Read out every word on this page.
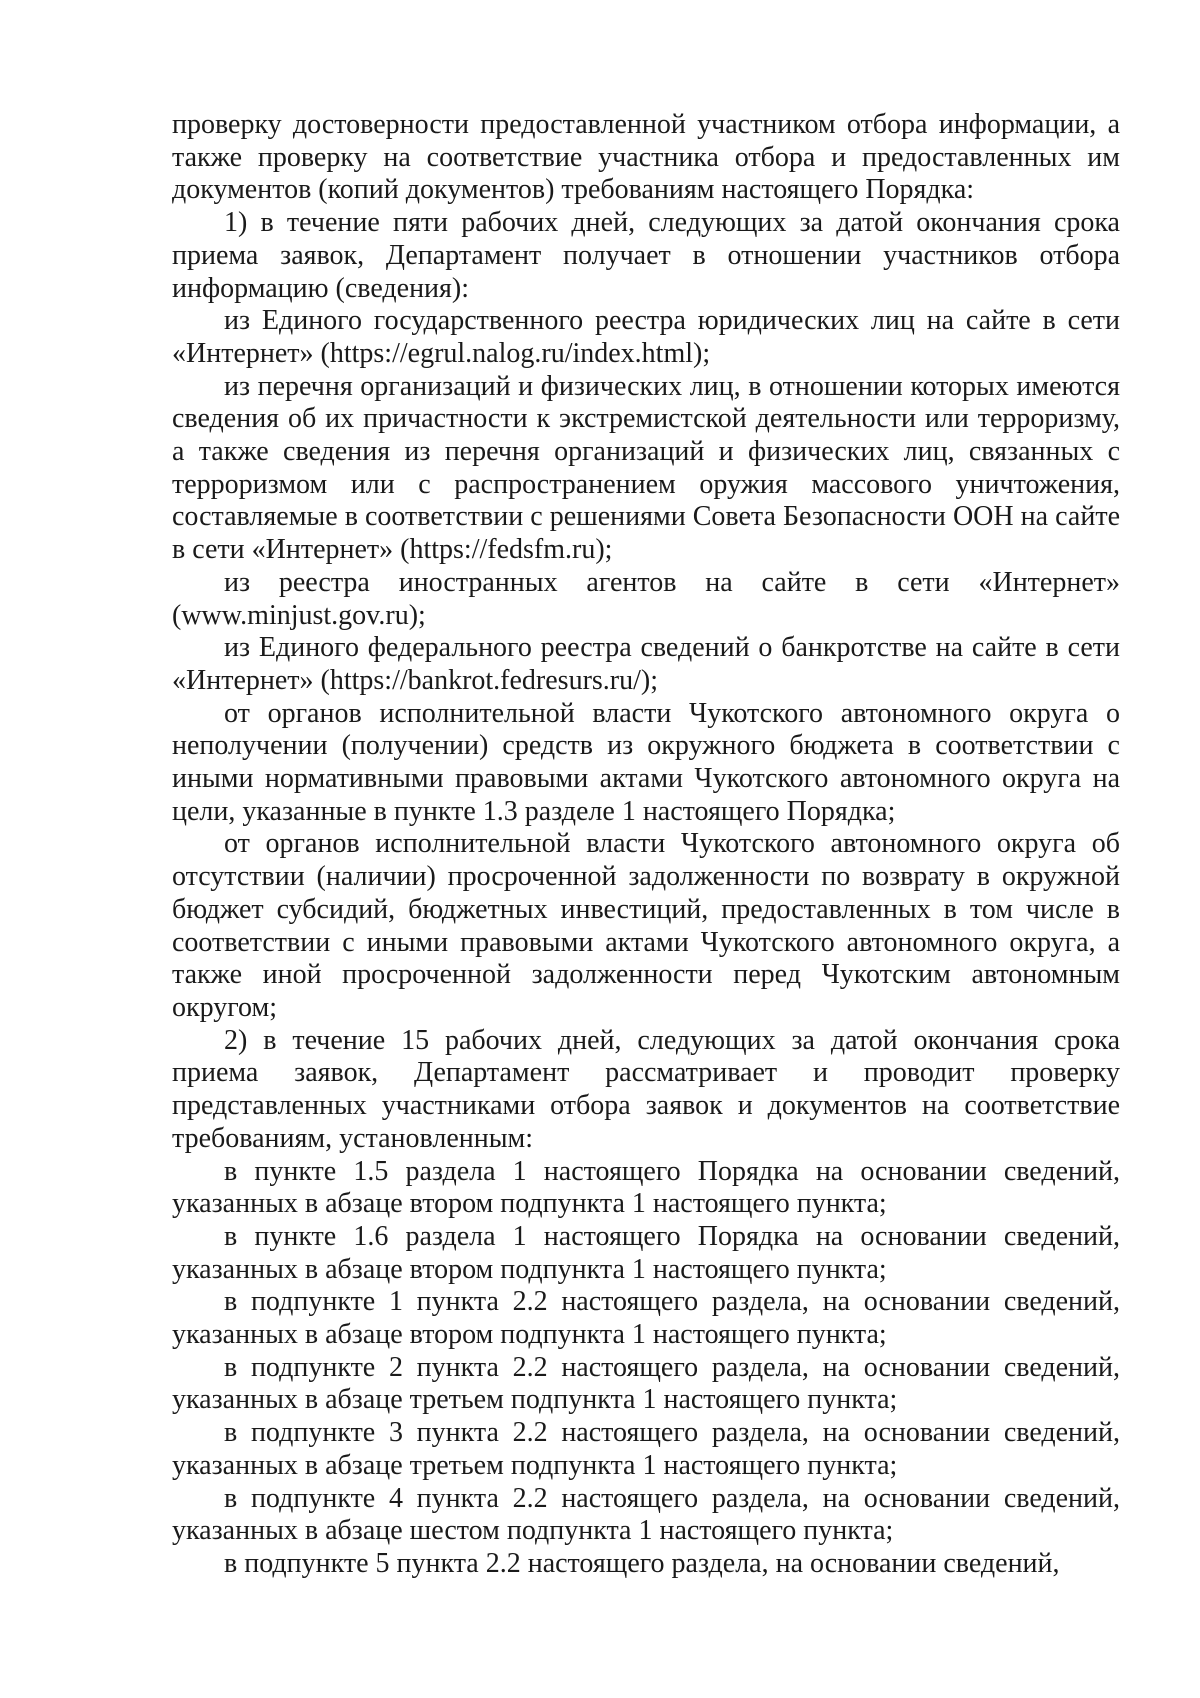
проверку достоверности предоставленной участником отбора информации, а также проверку на соответствие участника отбора и предоставленных им документов (копий документов) требованиям настоящего Порядка:

1) в течение пяти рабочих дней, следующих за датой окончания срока приема заявок, Департамент получает в отношении участников отбора информацию (сведения):

из Единого государственного реестра юридических лиц на сайте в сети «Интернет» (https://egrul.nalog.ru/index.html);

из перечня организаций и физических лиц, в отношении которых имеются сведения об их причастности к экстремистской деятельности или терроризму, а также сведения из перечня организаций и физических лиц, связанных с терроризмом или с распространением оружия массового уничтожения, составляемые в соответствии с решениями Совета Безопасности ООН на сайте в сети «Интернет» (https://fedsfm.ru);

из реестра иностранных агентов на сайте в сети «Интернет» (www.minjust.gov.ru);

из Единого федерального реестра сведений о банкротстве на сайте в сети «Интернет» (https://bankrot.fedresurs.ru/);

от органов исполнительной власти Чукотского автономного округа о неполучении (получении) средств из окружного бюджета в соответствии с иными нормативными правовыми актами Чукотского автономного округа на цели, указанные в пункте 1.3 разделе 1 настоящего Порядка;

от органов исполнительной власти Чукотского автономного округа об отсутствии (наличии) просроченной задолженности по возврату в окружной бюджет субсидий, бюджетных инвестиций, предоставленных в том числе в соответствии с иными правовыми актами Чукотского автономного округа, а также иной просроченной задолженности перед Чукотским автономным округом;

2) в течение 15 рабочих дней, следующих за датой окончания срока приема заявок, Департамент рассматривает и проводит проверку представленных участниками отбора заявок и документов на соответствие требованиям, установленным:

в пункте 1.5 раздела 1 настоящего Порядка на основании сведений, указанных в абзаце втором подпункта 1 настоящего пункта;

в пункте 1.6 раздела 1 настоящего Порядка на основании сведений, указанных в абзаце втором подпункта 1 настоящего пункта;

в подпункте 1 пункта 2.2 настоящего раздела, на основании сведений, указанных в абзаце втором подпункта 1 настоящего пункта;

в подпункте 2 пункта 2.2 настоящего раздела, на основании сведений, указанных в абзаце третьем подпункта 1 настоящего пункта;

в подпункте 3 пункта 2.2 настоящего раздела, на основании сведений, указанных в абзаце третьем подпункта 1 настоящего пункта;

в подпункте 4 пункта 2.2 настоящего раздела, на основании сведений, указанных в абзаце шестом подпункта 1 настоящего пункта;

в подпункте 5 пункта 2.2 настоящего раздела, на основании сведений,
